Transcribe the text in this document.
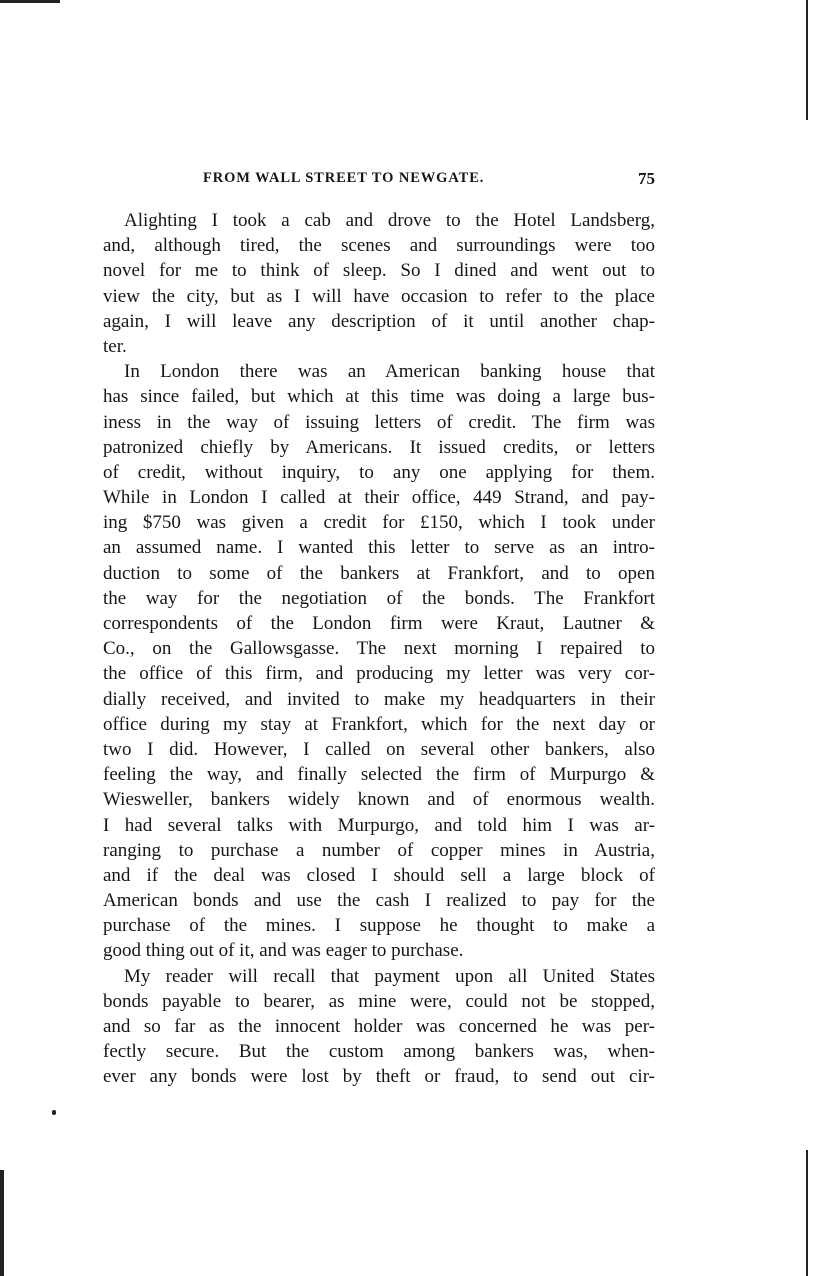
FROM WALL STREET TO NEWGATE.	75
Alighting I took a cab and drove to the Hotel Landsberg,
and, although tired, the scenes and surroundings were too
novel for me to think of sleep. So I dined and went out to
view the city, but as I will have occasion to refer to the place
again, I will leave any description of it until another chap-
ter.
In London there was an American banking house that
has since failed, but which at this time was doing a large bus-
iness in the way of issuing letters of credit. The firm was
patronized chiefly by Americans. It issued credits, or letters
of credit, without inquiry, to any one applying for them.
While in London I called at their office, 449 Strand, and pay-
ing $750 was given a credit for £150, which I took under
an assumed name. I wanted this letter to serve as an intro-
duction to some of the bankers at Frankfort, and to open
the way for the negotiation of the bonds. The Frankfort
correspondents of the London firm were Kraut, Lautner &
Co., on the Gallowsgasse. The next morning I repaired to
the office of this firm, and producing my letter was very cor-
dially received, and invited to make my headquarters in their
office during my stay at Frankfort, which for the next day or
two I did. However, I called on several other bankers, also
feeling the way, and finally selected the firm of Murpurgo &
Wiesweller, bankers widely known and of enormous wealth.
I had several talks with Murpurgo, and told him I was ar-
ranging to purchase a number of copper mines in Austria,
and if the deal was closed I should sell a large block of
American bonds and use the cash I realized to pay for the
purchase of the mines. I suppose he thought to make a
good thing out of it, and was eager to purchase.
My reader will recall that payment upon all United States
bonds payable to bearer, as mine were, could not be stopped,
and so far as the innocent holder was concerned he was per-
fectly secure. But the custom among bankers was, when-
ever any bonds were lost by theft or fraud, to send out cir-
